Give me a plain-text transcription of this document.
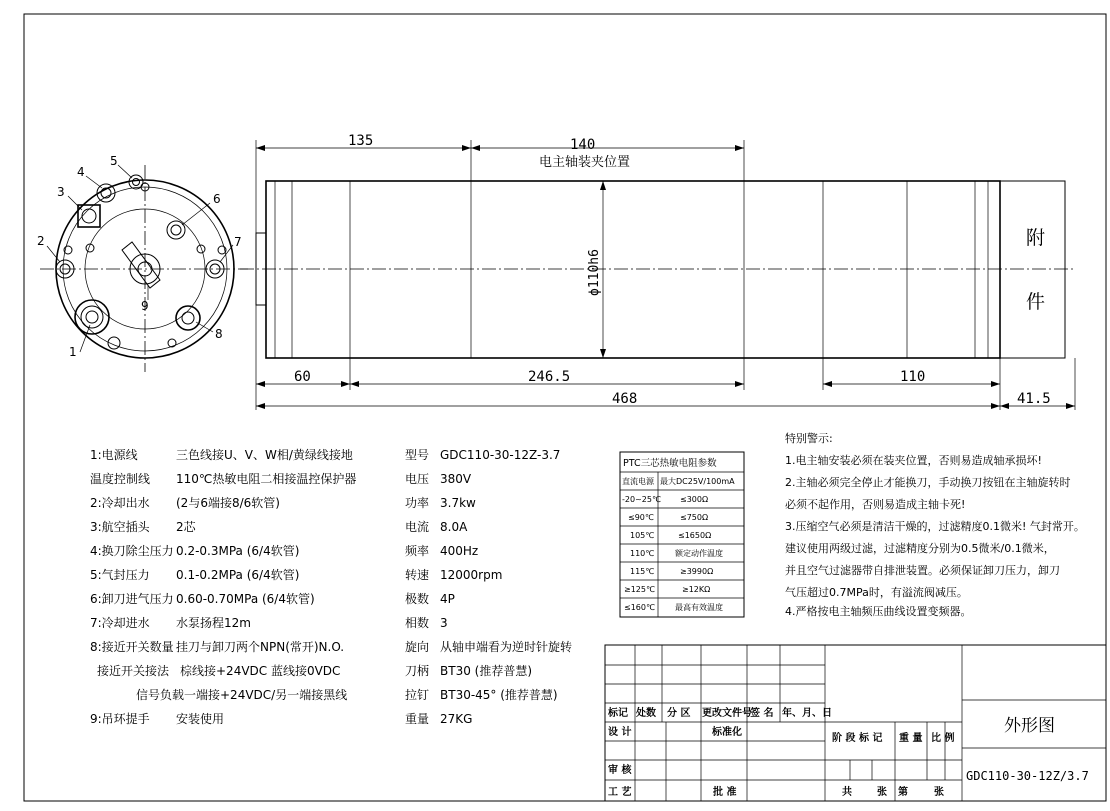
1
2
3
4
5
6
7
8
9
ϕ110h6
附
件
135	140
电主轴装夹位置
60	246.5	110
468	41.5
1:电源线	三色线接U、V、W相/黄绿线接地
温度控制线 110℃热敏电阻二相接温控保护器
2:冷却出水 (2与6端接8/6软管)
3:航空插头 2芯
4:换刀除尘压力 0.2-0.3MPa (6/4软管)
5:气封压力 0.1-0.2MPa (6/4软管)
6:卸刀进气压力 0.60-0.70MPa (6/4软管)
7:冷却进水 水泵扬程12m
8:接近开关数量 挂刀与卸刀两个NPN(常开)N.O.
接近开关接法 棕线接+24VDC 蓝线接0VDC
信号负载一端接+24VDC/另一端接黑线
9:吊环提手 安装使用
型号 GDC110-30-12Z-3.7
电压 380V
功率 3.7kw
电流 8.0A
频率 400Hz
转速 12000rpm
极数 4P
相数 3
旋向 从轴申端看为逆时针旋转
刀柄 BT30 (推荐普慧)
拉钉 BT30-45° (推荐普慧)
重量 27KG
PTC三芯热敏电阻参数
直流电源 最大DC25V/100mA
-20~25℃ ≤300Ω
≤90℃	≤750Ω
105℃	≤1650Ω
110℃	额定动作温度
115℃	≥3990Ω
≥125℃	≥12KΩ
≤160℃	最高有效温度
特别警示:
1.电主轴安装必须在装夹位置，否则易造成轴承损坏!
2.主轴必须完全停止才能换刀，手动换刀按钮在主轴旋转时
必须不起作用，否则易造成主轴卡死!
3.压缩空气必须是清洁干燥的，过滤精度0.1微米! 气封常开。
建议使用两级过滤，过滤精度分别为0.5微米/0.1微米，
并且空气过滤器带自排泄装置。必须保证卸刀压力，卸刀
气压超过0.7MPa时，有溢流阀减压。
4.严格按电主轴频压曲线设置变频器。
标记 处数 分 区 更改文件号
签 名 年、月、日
设 计	标准化
审 核
工 艺	批 准
阶 段 标 记 重 量 比 例
共	张 第	张
外形图
GDC110-30-12Z/3.7
